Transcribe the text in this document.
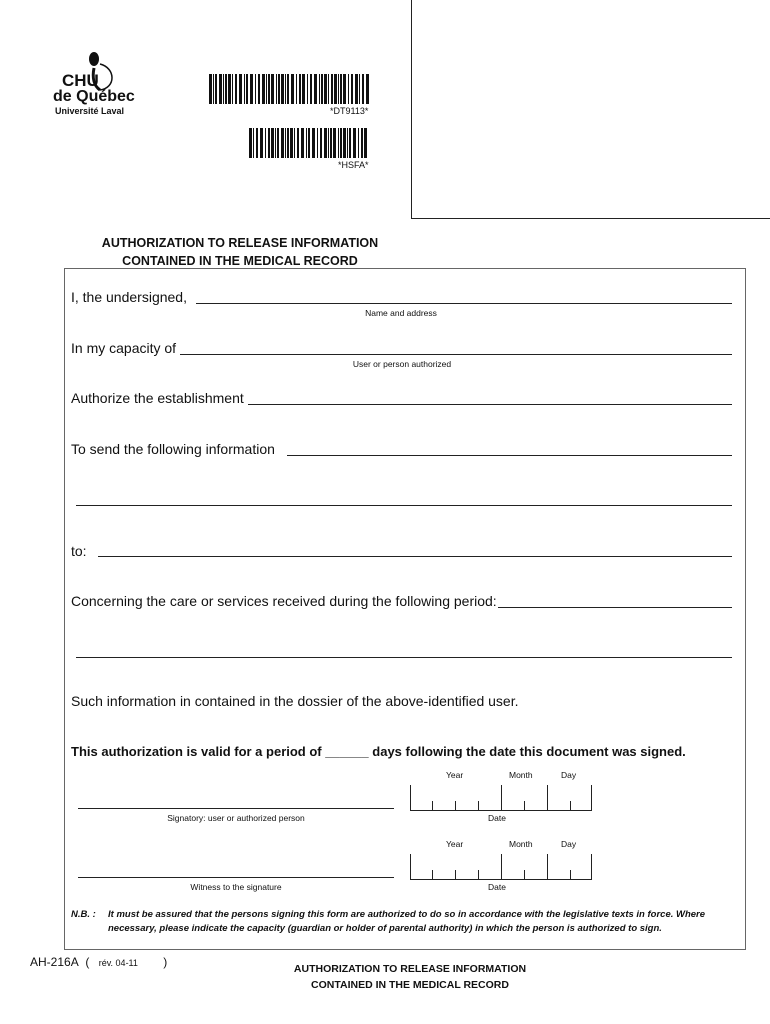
CHU
de Québec
Université Laval	*DT9113*
*HSFA*
AUTHORIZATION TO RELEASE INFORMATION
CONTAINED IN THE MEDICAL RECORD
I, the undersigned,
Name and address
In my capacity of
User or person authorized
Authorize the establishment
To send the following information
to:
Concerning the care or services received during the following period:
Such information in contained in the dossier of the above-identified user.
This authorization is valid for a period of ______ days following the date this document was signed.
Year	Month	Day
Date
Signatory: user or authorized person
Year	Month	Day
Date
Witness to the signature
N.B. : It must be assured that the persons signing this form are authorized to do so in accordance with the legislative texts in force. Where
necessary, please indicate the capacity (guardian or holder of parental authority) in which the person is authorized to sign.
AH-216A ( rév. 04-11 )	AUTHORIZATION TO RELEASE INFORMATION
CONTAINED IN THE MEDICAL RECORD
